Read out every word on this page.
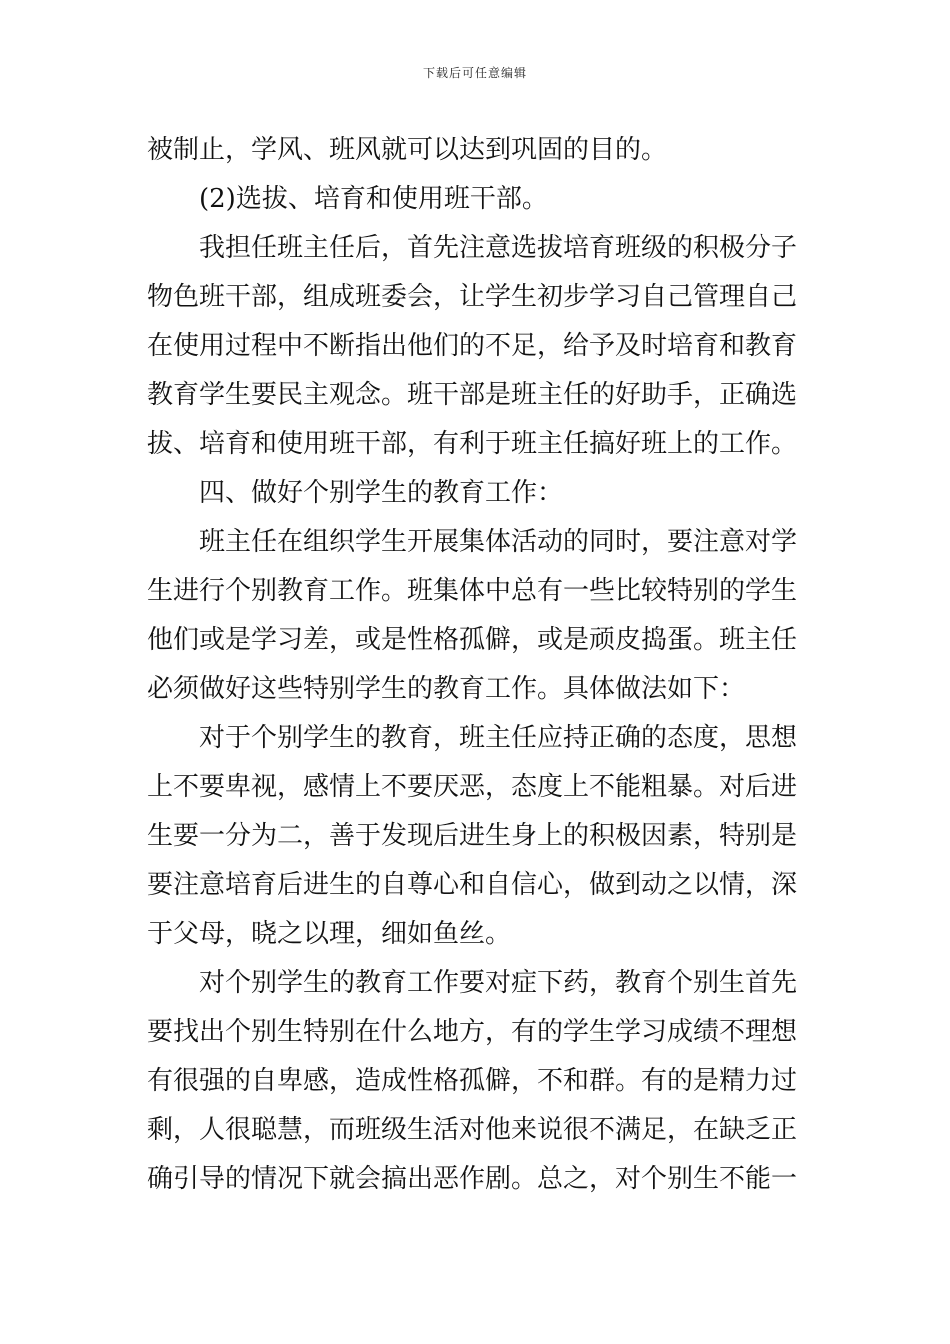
下载后可任意编辑
被制止，学风、班风就可以达到巩固的目的。
(2)选拔、培育和使用班干部。
我担任班主任后，首先注意选拔培育班级的积极分子
物色班干部，组成班委会，让学生初步学习自己管理自己
在使用过程中不断指出他们的不足，给予及时培育和教育
教育学生要民主观念。班干部是班主任的好助手，正确选
拔、培育和使用班干部，有利于班主任搞好班上的工作。
四、做好个别学生的教育工作：
班主任在组织学生开展集体活动的同时，要注意对学
生进行个别教育工作。班集体中总有一些比较特别的学生
他们或是学习差，或是性格孤僻，或是顽皮捣蛋。班主任
必须做好这些特别学生的教育工作。具体做法如下：
对于个别学生的教育，班主任应持正确的态度，思想
上不要卑视，感情上不要厌恶，态度上不能粗暴。对后进
生要一分为二，善于发现后进生身上的积极因素，特别是
要注意培育后进生的自尊心和自信心，做到动之以情，深
于父母，晓之以理，细如鱼丝。
对个别学生的教育工作要对症下药，教育个别生首先
要找出个别生特别在什么地方，有的学生学习成绩不理想
有很强的自卑感，造成性格孤僻，不和群。有的是精力过
剩，人很聪慧，而班级生活对他来说很不满足，在缺乏正
确引导的情况下就会搞出恶作剧。总之，对个别生不能一
